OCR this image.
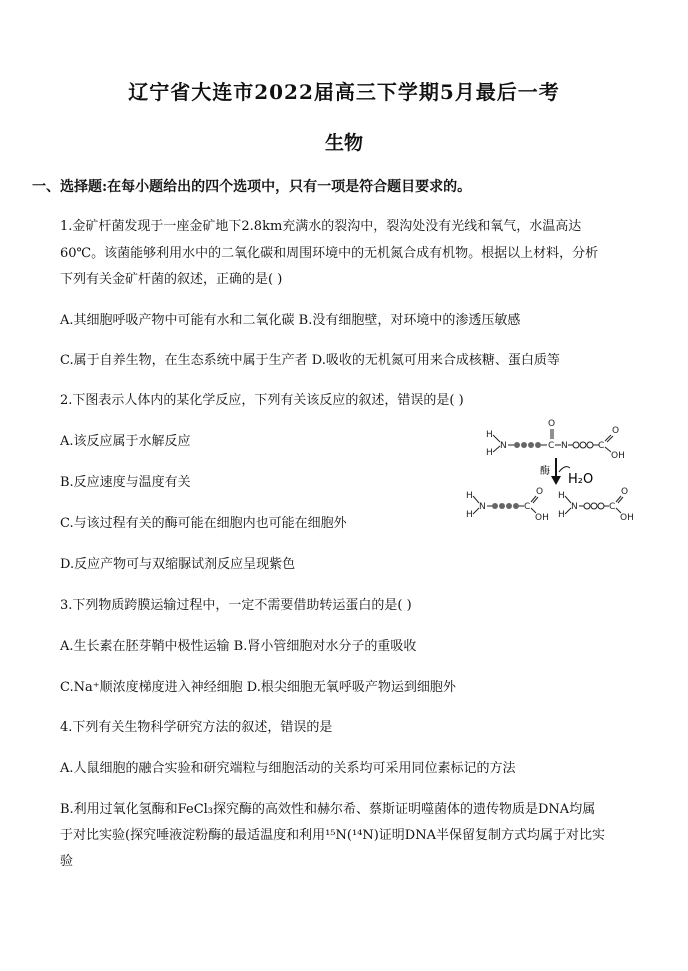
辽宁省大连市2022届高三下学期5月最后一考
生物
一、选择题:在每小题给出的四个选项中，只有一项是符合题目要求的。
1.金矿杆菌发现于一座金矿地下2.8km充满水的裂沟中，裂沟处没有光线和氧气，水温高达
60℃。该菌能够利用水中的二氧化碳和周围环境中的无机氮合成有机物。根据以上材料，分析
下列有关金矿杆菌的叙述，正确的是( )
A.其细胞呼吸产物中可能有水和二氧化碳 B.没有细胞壁，对环境中的渗透压敏感
C.属于自养生物，在生态系统中属于生产者 D.吸收的无机氮可用来合成核糖、蛋白质等
2.下图表示人体内的某化学反应，下列有关该反应的叙述，错误的是( )
A.该反应属于水解反应
B.反应速度与温度有关
C.与该过程有关的酶可能在细胞内也可能在细胞外
D.反应产物可与双缩脲试剂反应呈现紫色
H
H
N	C
O
N	C
O
OH
酶
H₂O
H
H
N	C
O
OH
H
H
N	C
O
OH
3.下列物质跨膜运输过程中，一定不需要借助转运蛋白的是( )
A.生长素在胚芽鞘中极性运输 B.肾小管细胞对水分子的重吸收
C.Na⁺顺浓度梯度进入神经细胞 D.根尖细胞无氧呼吸产物运到细胞外
4.下列有关生物科学研究方法的叙述，错误的是
A.人鼠细胞的融合实验和研究端粒与细胞活动的关系均可采用同位素标记的方法
B.利用过氧化氢酶和FeCl₃探究酶的高效性和赫尔希、蔡斯证明噬菌体的遗传物质是DNA均属
于对比实验(探究唾液淀粉酶的最适温度和利用¹⁵N(¹⁴N)证明DNA半保留复制方式均属于对比实
验
